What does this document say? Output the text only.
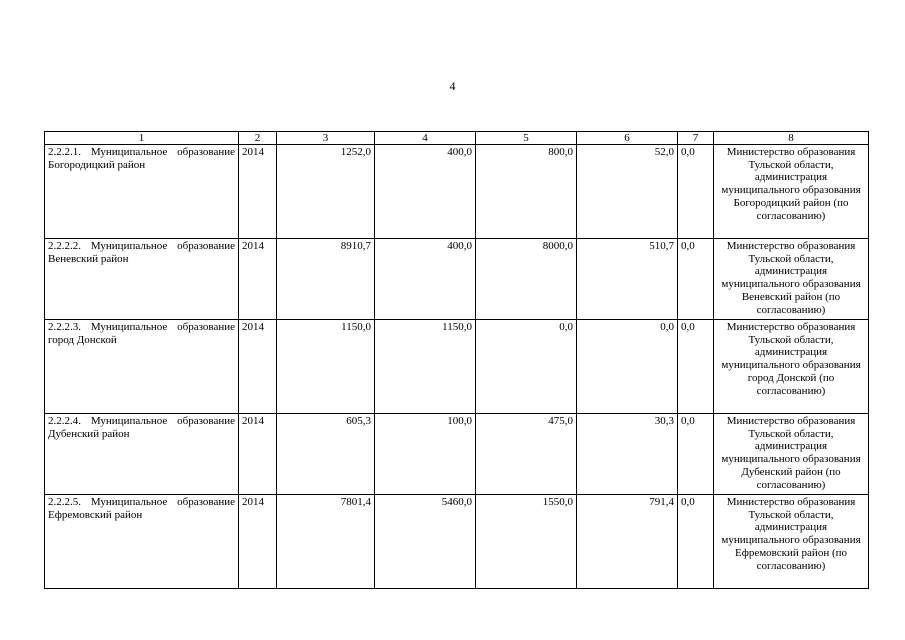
4
1	2	3	4	5	6	7	8
2.2.2.1. Муниципальное образование Богородицкий район	2014	1252,0	400,0	800,0	52,0	0,0	Министерство образования Тульской области, администрация муниципального образования Богородицкий район (по согласованию)
2.2.2.2. Муниципальное образование Веневский район	2014	8910,7	400,0	8000,0	510,7	0,0	Министерство образования Тульской области, администрация муниципального образования Веневский район (по согласованию)
2.2.2.3. Муниципальное образование город Донской	2014	1150,0	1150,0	0,0	0,0	0,0	Министерство образования Тульской области, администрация муниципального образования город Донской (по согласованию)
2.2.2.4. Муниципальное образование Дубенский район	2014	605,3	100,0	475,0	30,3	0,0	Министерство образования Тульской области, администрация муниципального образования Дубенский район (по согласованию)
2.2.2.5. Муниципальное образование Ефремовский район	2014	7801,4	5460,0	1550,0	791,4	0,0	Министерство образования Тульской области, администрация муниципального образования Ефремовский район (по согласованию)
